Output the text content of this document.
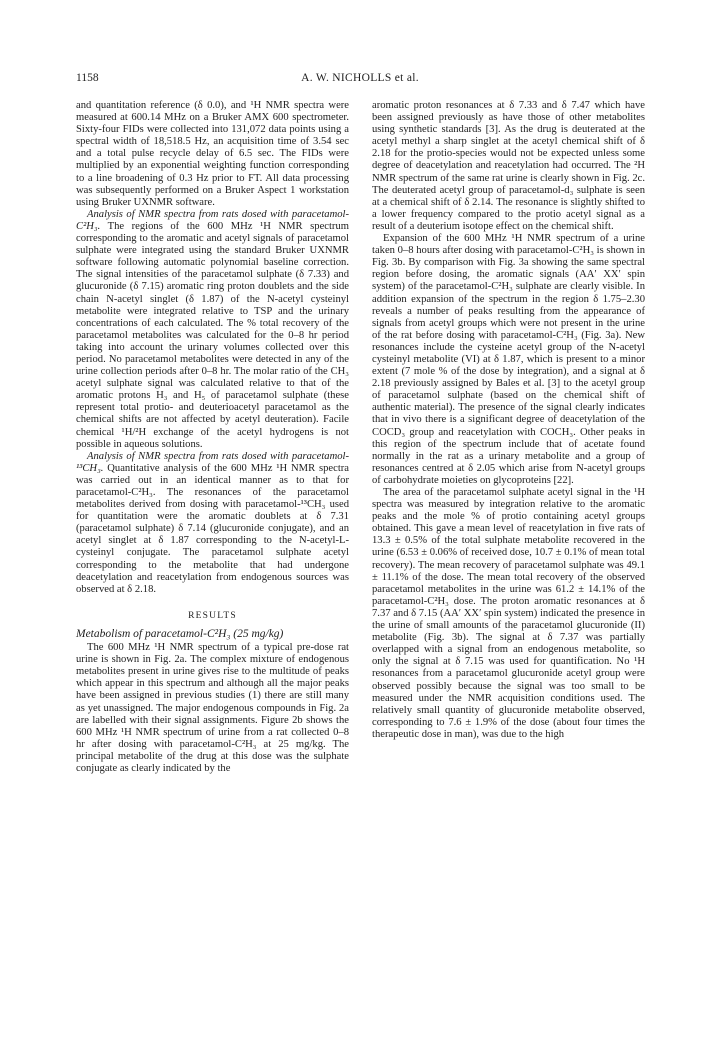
1158	A. W. NICHOLLS et al.

and quantitation reference (δ 0.0), and ¹H NMR spectra were measured at 600.14 MHz on a Bruker AMX 600 spectrometer. Sixty-four FIDs were collected into 131,072 data points using a spectral width of 18,518.5 Hz, an acquisition time of 3.54 sec and a total pulse recycle delay of 6.5 sec. The FIDs were multiplied by an exponential weighting function corresponding to a line broadening of 0.3 Hz prior to FT. All data processing was subsequently performed on a Bruker Aspect 1 workstation using Bruker UXNMR software.

Analysis of NMR spectra from rats dosed with paracetamol-C²H₃. The regions of the 600 MHz ¹H NMR spectrum corresponding to the aromatic and acetyl signals of paracetamol sulphate were integrated using the standard Bruker UXNMR software following automatic polynomial baseline correction. The signal intensities of the paracetamol sulphate (δ 7.33) and glucuronide (δ 7.15) aromatic ring proton doublets and the side chain N-acetyl singlet (δ 1.87) of the N-acetyl cysteinyl metabolite were integrated relative to TSP and the urinary concentrations of each calculated. The % total recovery of the paracetamol metabolites was calculated for the 0–8 hr period taking into account the urinary volumes collected over this period. No paracetamol metabolites were detected in any of the urine collection periods after 0–8 hr. The molar ratio of the CH₃ acetyl sulphate signal was calculated relative to that of the aromatic protons H₃ and H₅ of paracetamol sulphate (these represent total protio- and deuterioacetyl paracetamol as the chemical shifts are not affected by acetyl deuteration). Facile chemical ¹H/²H exchange of the acetyl hydrogens is not possible in aqueous solutions.

Analysis of NMR spectra from rats dosed with paracetamol-¹³CH₃. Quantitative analysis of the 600 MHz ¹H NMR spectra was carried out in an identical manner as to that for paracetamol-C²H₃. The resonances of the paracetamol metabolites derived from dosing with paracetamol-¹³CH₃ used for quantitation were the aromatic doublets at δ 7.31 (paracetamol sulphate) δ 7.14 (glucuronide conjugate), and an acetyl singlet at δ 1.87 corresponding to the N-acetyl-L-cysteinyl conjugate. The paracetamol sulphate acetyl corresponding to the metabolite that had undergone deacetylation and reacetylation from endogenous sources was observed at δ 2.18.

RESULTS
Metabolism of paracetamol-C²H₃ (25 mg/kg)

The 600 MHz ¹H NMR spectrum of a typical pre-dose rat urine is shown in Fig. 2a. The complex mixture of endogenous metabolites present in urine gives rise to the multitude of peaks which appear in this spectrum and although all the major peaks have been assigned in previous studies (1) there are still many as yet unassigned. The major endogenous compounds in Fig. 2a are labelled with their signal assignments. Figure 2b shows the 600 MHz ¹H NMR spectrum of urine from a rat collected 0–8 hr after dosing with paracetamol-C²H₃ at 25 mg/kg. The principal metabolite of the drug at this dose was the sulphate conjugate as clearly indicated by the

aromatic proton resonances at δ 7.33 and δ 7.47 which have been assigned previously as have those of other metabolites using synthetic standards [3]. As the drug is deuterated at the acetyl methyl a sharp singlet at the acetyl chemical shift of δ 2.18 for the protio-species would not be expected unless some degree of deacetylation and reacetylation had occurred. The ²H NMR spectrum of the same rat urine is clearly shown in Fig. 2c. The deuterated acetyl group of paracetamol-d₃ sulphate is seen at a chemical shift of δ 2.14. The resonance is slightly shifted to a lower frequency compared to the protio acetyl signal as a result of a deuterium isotope effect on the chemical shift.

Expansion of the 600 MHz ¹H NMR spectrum of a urine taken 0–8 hours after dosing with paracetamol-C²H₃ is shown in Fig. 3b. By comparison with Fig. 3a showing the same spectral region before dosing, the aromatic signals (AA′ XX′ spin system) of the paracetamol-C²H₃ sulphate are clearly visible. In addition expansion of the spectrum in the region δ 1.75–2.30 reveals a number of peaks resulting from the appearance of signals from acetyl groups which were not present in the urine of the rat before dosing with paracetamol-C²H₃ (Fig. 3a). New resonances include the cysteine acetyl group of the N-acetyl cysteinyl metabolite (VI) at δ 1.87, which is present to a minor extent (7 mole % of the dose by integration), and a signal at δ 2.18 previously assigned by Bales et al. [3] to the acetyl group of paracetamol sulphate (based on the chemical shift of authentic material). The presence of the signal clearly indicates that in vivo there is a significant degree of deacetylation of the COCD₃ group and reacetylation with COCH₃. Other peaks in this region of the spectrum include that of acetate found normally in the rat as a urinary metabolite and a group of resonances centred at δ 2.05 which arise from N-acetyl groups of carbohydrate moieties on glycoproteins [22].

The area of the paracetamol sulphate acetyl signal in the ¹H spectra was measured by integration relative to the aromatic peaks and the mole % of protio containing acetyl groups obtained. This gave a mean level of reacetylation in five rats of 13.3 ± 0.5% of the total sulphate metabolite recovered in the urine (6.53 ± 0.06% of received dose, 10.7 ± 0.1% of mean total recovery). The mean recovery of paracetamol sulphate was 49.1 ± 11.1% of the dose. The mean total recovery of the observed paracetamol metabolites in the urine was 61.2 ± 14.1% of the paracetamol-C²H₃ dose. The proton aromatic resonances at δ 7.37 and δ 7.15 (AA′ XX′ spin system) indicated the presence in the urine of small amounts of the paracetamol glucuronide (II) metabolite (Fig. 3b). The signal at δ 7.37 was partially overlapped with a signal from an endogenous metabolite, so only the signal at δ 7.15 was used for quantification. No ¹H resonances from a paracetamol glucuronide acetyl group were observed possibly because the signal was too small to be measured under the NMR acquisition conditions used. The relatively small quantity of glucuronide metabolite observed, corresponding to 7.6 ± 1.9% of the dose (about four times the therapeutic dose in man), was due to the high
